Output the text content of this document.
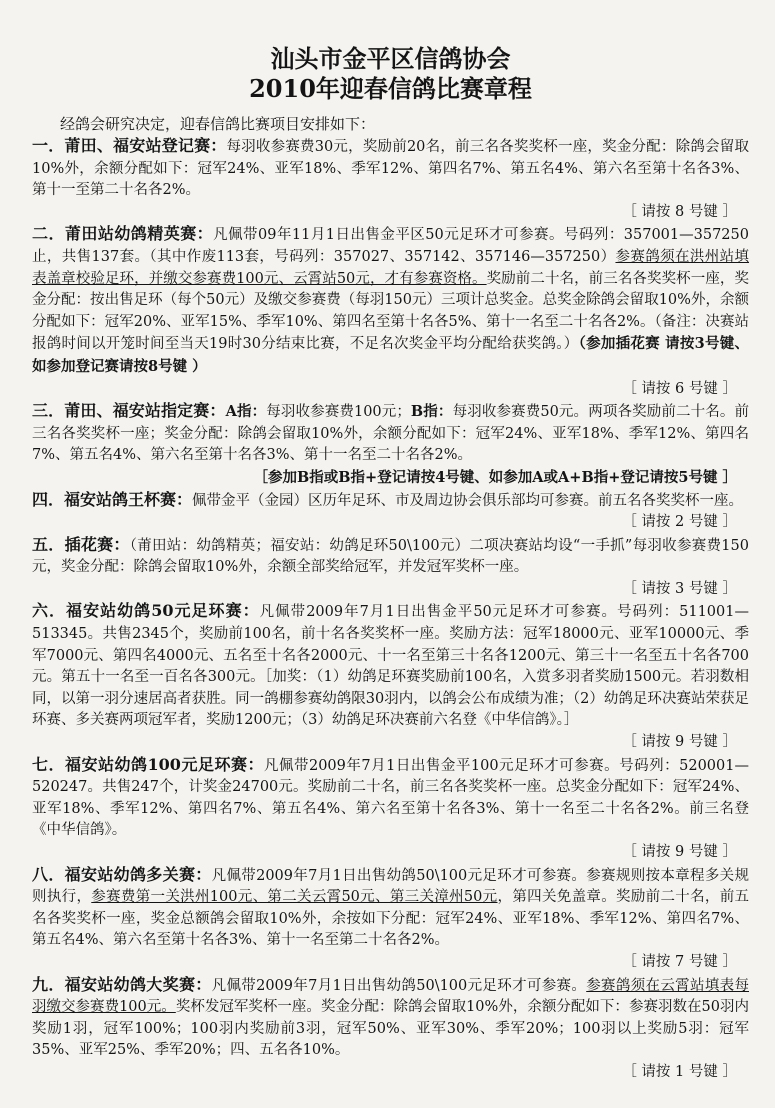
汕头市金平区信鸽协会
2010年迎春信鸽比赛章程

经鸽会研究决定，迎春信鸽比赛项目安排如下：

一．莆田、福安站登记赛：每羽收参赛费30元，奖励前20名，前三名各奖奖杯一座，奖金分配：除鸽会留取10%外，余额分配如下：冠军24%、亚军18%、季军12%、第四名7%、第五名4%、第六名至第十名各3%、第十一至第二十名各2%。

［ 请按 8 号键 ］

二．莆田站幼鸽精英赛：凡佩带09年11月1日出售金平区50元足环才可参赛。号码列：357001—357250止，共售137套。（其中作废113套，号码列：357027、357142、357146—357250）参赛鸽须在洪州站填表盖章校验足环，并缴交参赛费100元、云霄站50元，才有参赛资格。奖励前二十名，前三名各奖奖杯一座，奖金分配：按出售足环（每个50元）及缴交参赛费（每羽150元）三项计总奖金。总奖金除鸽会留取10%外，余额分配如下：冠军20%、亚军15%、季军10%、第四名至第十名各5%、第十一名至二十名各2%。（备注：决赛站报鸽时间以开笼时间至当天19时30分结束比赛，不足名次奖金平均分配给获奖鸽。）（参加插花赛 请按3号键、如参加登记赛请按8号键 ）

［ 请按 6 号键 ］

三．莆田、福安站指定赛：A指：每羽收参赛费100元；B指：每羽收参赛费50元。两项各奖励前二十名。前三名各奖奖杯一座；奖金分配：除鸽会留取10%外，余额分配如下：冠军24%、亚军18%、季军12%、第四名7%、第五名4%、第六名至第十名各3%、第十一名至二十名各2%。

［参加B指或B指+登记请按4号键、如参加A或A+B指+登记请按5号键 ］

四．福安站鸽王杯赛：佩带金平（金园）区历年足环、市及周边协会俱乐部均可参赛。前五名各奖奖杯一座。

［ 请按 2 号键 ］

五．插花赛：（莆田站：幼鸽精英；福安站：幼鸽足环50\100元）二项决赛站均设“一手抓”每羽收参赛费150元，奖金分配：除鸽会留取10%外，余额全部奖给冠军，并发冠军奖杯一座。

［ 请按 3 号键 ］

六．福安站幼鸽50元足环赛：凡佩带2009年7月1日出售金平50元足环才可参赛。号码列：511001—513345。共售2345个，奖励前100名，前十名各奖奖杯一座。奖励方法：冠军18000元、亚军10000元、季军7000元、第四名4000元、五名至十名各2000元、十一名至第三十名各1200元、第三十一名至五十名各700元。第五十一名至一百名各300元。［加奖：（1）幼鸽足环赛奖励前100名，入赏多羽者奖励1500元。若羽数相同，以第一羽分速居高者获胜。同一鸽棚参赛幼鸽限30羽内，以鸽会公布成绩为准；（2）幼鸽足环决赛站荣获足环赛、多关赛两项冠军者，奖励1200元；（3）幼鸽足环决赛前六名登《中华信鸽》。］

［ 请按 9 号键 ］

七．福安站幼鸽100元足环赛：凡佩带2009年7月1日出售金平100元足环才可参赛。号码列：520001—520247。共售247个，计奖金24700元。奖励前二十名，前三名各奖奖杯一座。总奖金分配如下：冠军24%、亚军18%、季军12%、第四名7%、第五名4%、第六名至第十名各3%、第十一名至二十名各2%。前三名登《中华信鸽》。

［ 请按 9 号键 ］

八．福安站幼鸽多关赛：凡佩带2009年7月1日出售幼鸽50\100元足环才可参赛。参赛规则按本章程多关规则执行，参赛费第一关洪州100元、第二关云霄50元、第三关漳州50元，第四关免盖章。奖励前二十名，前五名各奖奖杯一座，奖金总额鸽会留取10%外，余按如下分配：冠军24%、亚军18%、季军12%、第四名7%、第五名4%、第六名至第十名各3%、第十一名至第二十名各2%。

［ 请按 7 号键 ］

九．福安站幼鸽大奖赛：凡佩带2009年7月1日出售幼鸽50\100元足环才可参赛。参赛鸽须在云霄站填表每羽缴交参赛费100元。奖杯发冠军奖杯一座。奖金分配：除鸽会留取10%外，余额分配如下：参赛羽数在50羽内奖励1羽，冠军100%；100羽内奖励前3羽，冠军50%、亚军30%、季军20%；100羽以上奖励5羽：冠军35%、亚军25%、季军20%；四、五名各10%。

［ 请按 1 号键 ］
